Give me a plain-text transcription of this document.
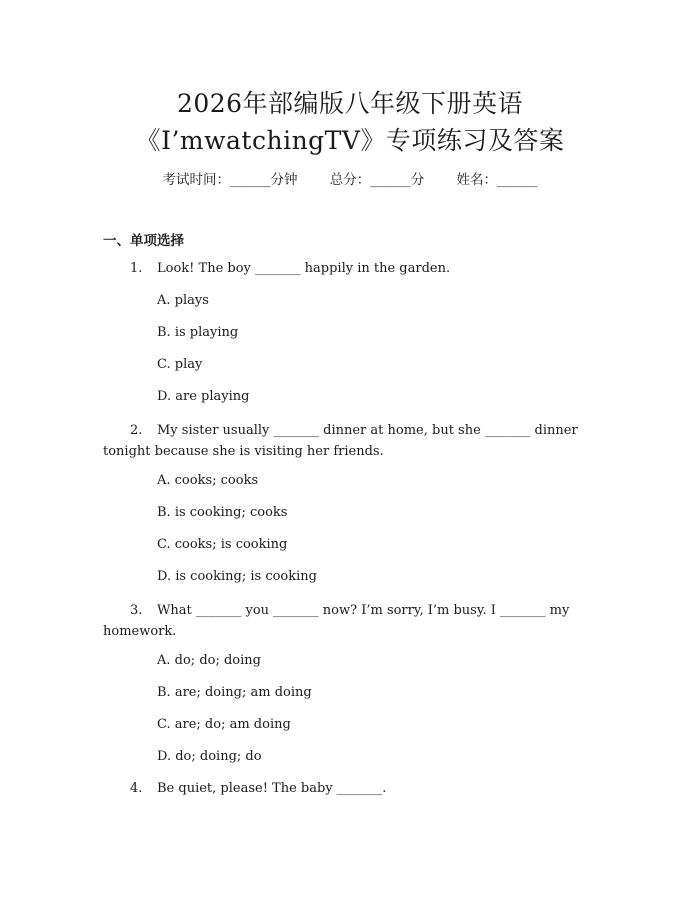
2026年部编版八年级下册英语
《I’mwatchingTV》专项练习及答案
考试时间：______分钟 总分：______分 姓名：______
一、单项选择
1. Look! The boy _______ happily in the garden.
A. plays
B. is playing
C. play
D. are playing
2. My sister usually _______ dinner at home, but she _______ dinner tonight because she is visiting her friends.
A. cooks; cooks
B. is cooking; cooks
C. cooks; is cooking
D. is cooking; is cooking
3. What _______ you _______ now? I’m sorry, I’m busy. I _______ my homework.
A. do; do; doing
B. are; doing; am doing
C. are; do; am doing
D. do; doing; do
4. Be quiet, please! The baby _______.
